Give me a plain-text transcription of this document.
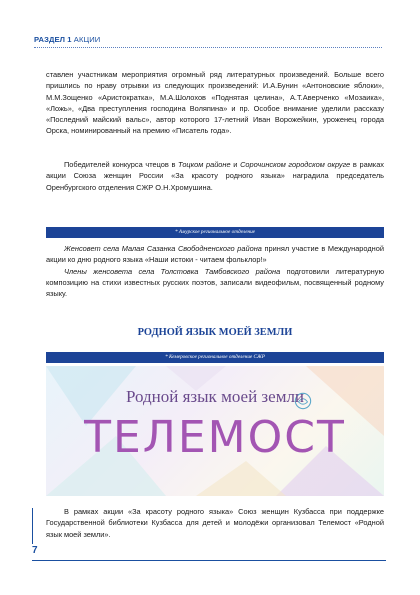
РАЗДЕЛ 1 АКЦИИ
ставлен участникам мероприятия огромный ряд литературных произведений. Больше всего пришлись по нраву отрывки из следующих произведений: И.А.Бунин «Антоновские яблоки», М.М.Зощенко «Аристократка», М.А.Шолохов «Поднятая целина», А.Т.Аверченко «Мозаика», «Ложь», «Два преступления господина Воляпина» и пр. Особое внимание уделили рассказу «Последний майский вальс», автор которого 17-летний Иван Ворожейкин, уроженец города Орска, номинированный на премию «Писатель года».
Победителей конкурса чтецов в Тоцком районе и Сорочинском городском округе в рамках акции Союза женщин России «За красоту родного языка» наградила председатель Оренбургского отделения СЖР О.Н.Хромушина.
* Амурское региональное отделение
Женсовет села Малая Сазанка Свободненского района принял участие в Международной акции ко дню родного языка «Наши истоки - читаем фольклор!»
Члены женсовета села Толстовка Тамбовского района подготовили литературную композицию на стихи известных русских поэтов, записали видеофильм, посвященный родному языку.
РОДНОЙ ЯЗЫК МОЕЙ ЗЕМЛИ
* Кемеровское региональное отделение СЖР
Родной язык моей земли
ТЕЛЕМОСТ
В рамках акции «За красоту родного языка» Союз женщин Кузбасса при поддержке Государственной библиотеки Кузбасса для детей и молодёжи организовал Телемост «Родной язык моей земли».
7
